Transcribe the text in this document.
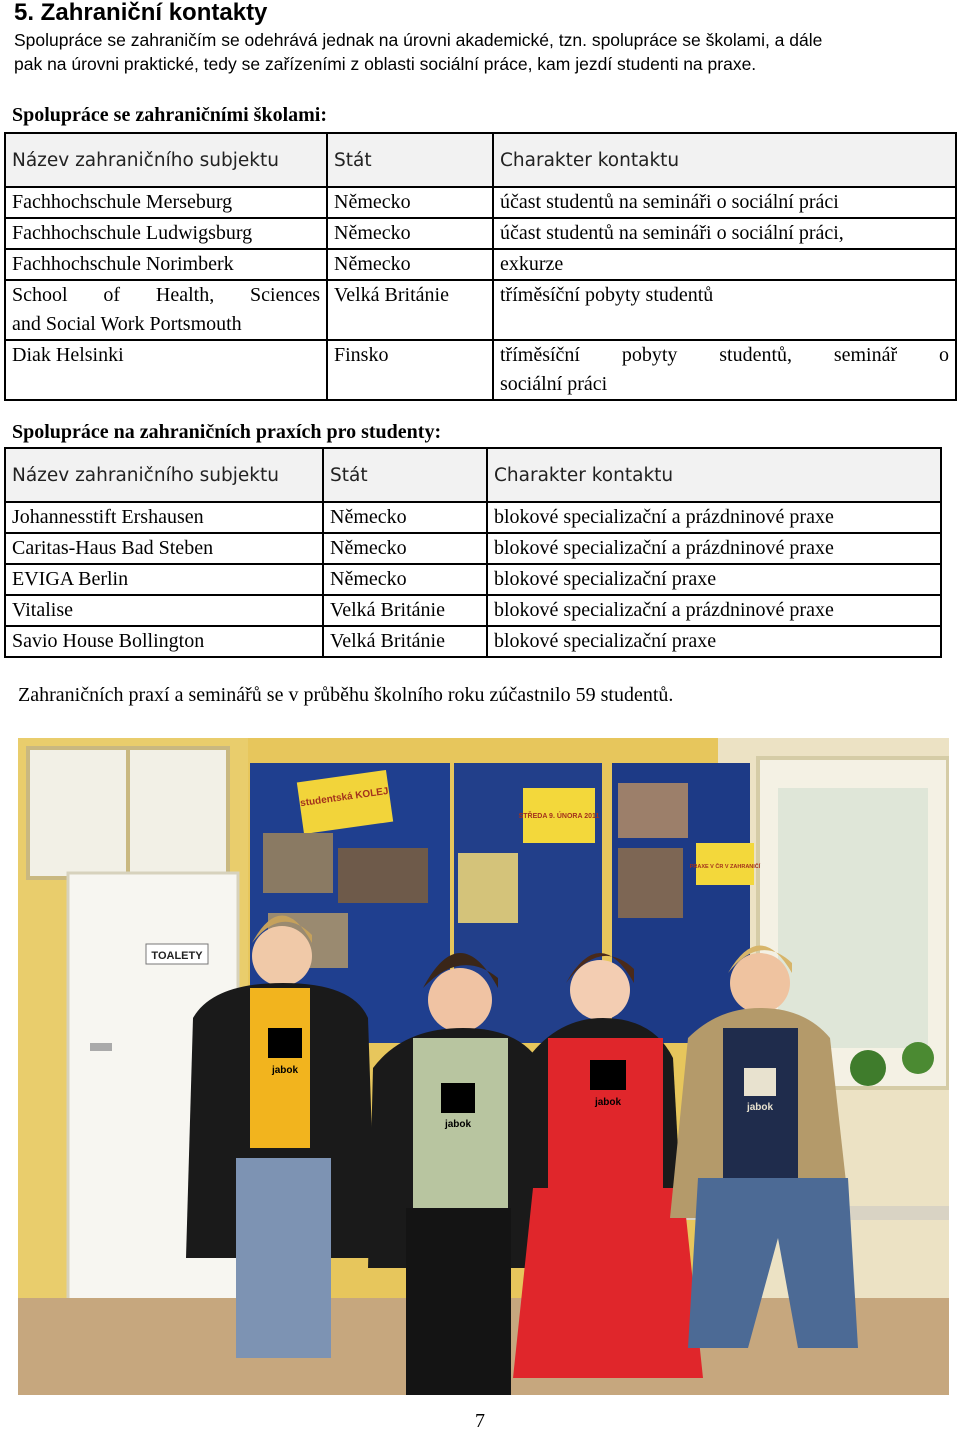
5. Zahraniční kontakty
Spolupráce se zahraničím se odehrává jednak na úrovni akademické, tzn. spolupráce se školami, a dále
pak na úrovni praktické, tedy se zařízeními z oblasti sociální práce, kam jezdí studenti na praxe.
Spolupráce se zahraničními školami:
Název zahraničního subjektu	Stát	Charakter kontaktu
Fachhochschule Merseburg	Německo	účast studentů na semináři o sociální práci
Fachhochschule Ludwigsburg	Německo	účast studentů na semináři o sociální práci,
Fachhochschule Norimberk	Německo	exkurze

School of Health, Sciences
and Social Work Portsmouth	Velká Británie	tříměsíční pobyty studentů
Diak Helsinki	Finsko	tříměsíční pobyty studentů, seminář o
sociální práci
Spolupráce na zahraničních praxích pro studenty:
Název zahraničního subjektu	Stát	Charakter kontaktu
Johannesstift Ershausen	Německo	blokové specializační a prázdninové praxe
Caritas-Haus Bad Steben	Německo	blokové specializační a prázdninové praxe
EVIGA Berlin	Německo	blokové specializační praxe
Vitalise	Velká Británie	blokové specializační a prázdninové praxe
Savio House Bollington	Velká Británie	blokové specializační praxe
Zahraničních praxí a seminářů se v průběhu školního roku zúčastnilo 59 studentů.
TOALETY
studentská KOLEJ
STŘEDA 9. ÚNORA 2011
PRAXE V ČR V ZAHRANIČÍ
jabok
jabok
jabok	jabok
7
